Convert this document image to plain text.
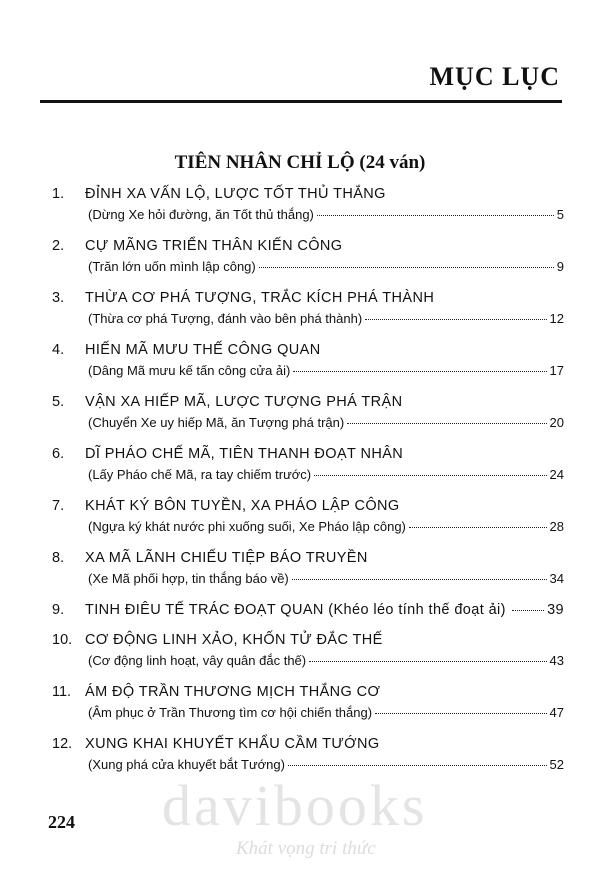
MỤC LỤC
TIÊN NHÂN CHỈ LỘ (24 ván)
1. ĐỈNH XA VẤN LỘ, LƯỢC TỐT THỦ THẮNG
(Dừng Xe hỏi đường, ăn Tốt thủ thắng)	5
2. CỰ MÃNG TRIỂN THÂN KIẾN CÔNG
(Trăn lớn uốn mình lập công)	9
3. THỪA CƠ PHÁ TƯỢNG, TRẮC KÍCH PHÁ THÀNH
(Thừa cơ phá Tượng, đánh vào bên phá thành)	12
4. HIẾN MÃ MƯU THẾ CÔNG QUAN
(Dâng Mã mưu kế tấn công cửa ải)	17
5. VẬN XA HIẾP MÃ, LƯỢC TƯỢNG PHÁ TRẬN
(Chuyển Xe uy hiếp Mã, ăn Tượng phá trận)	20
6. DĨ PHÁO CHẾ MÃ, TIÊN THANH ĐOẠT NHÂN
(Lấy Pháo chế Mã, ra tay chiếm trước)	24
7. KHÁT KÝ BÔN TUYỀN, XA PHÁO LẬP CÔNG
(Ngựa ký khát nước phi xuống suối, Xe Pháo lập công)	28
8. XA MÃ LÃNH CHIẾU TIỆP BÁO TRUYỀN
(Xe Mã phối hợp, tin thắng báo về)	34
9. TINH ĐIÊU TẾ TRÁC ĐOẠT QUAN (Khéo léo tính thế đoạt ải)	39
10. CƠ ĐỘNG LINH XẢO, KHỐN TỬ ĐẮC THẾ
(Cơ động linh hoạt, vây quân đắc thế)	43
11. ÁM ĐỘ TRẦN THƯƠNG MỊCH THẮNG CƠ
(Âm phục ở Trần Thương tìm cơ hội chiến thắng)	47
12. XUNG KHAI KHUYẾT KHẨU CẦM TƯỚNG
(Xung phá cửa khuyết bắt Tướng)	52
davibooks
Khát vọng tri thức
224
